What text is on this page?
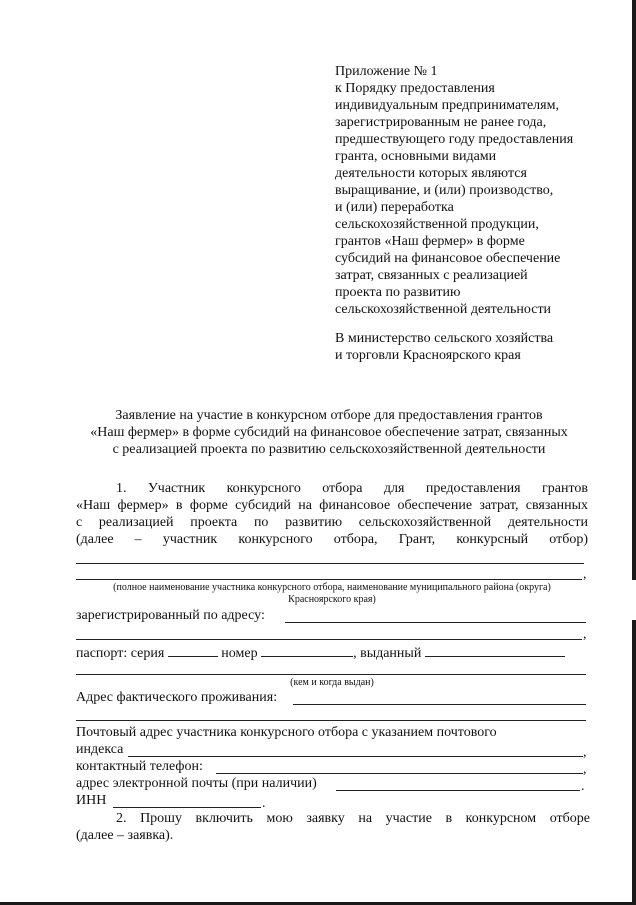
Приложение № 1
к Порядку предоставления
индивидуальным предпринимателям,
зарегистрированным не ранее года,
предшествующего году предоставления
гранта, основными видами
деятельности которых являются
выращивание, и (или) производство,
и (или) переработка
сельскохозяйственной продукции,
грантов «Наш фермер» в форме
субсидий на финансовое обеспечение
затрат, связанных с реализацией
проекта по развитию
сельскохозяйственной деятельности
В министерство сельского хозяйства
и торговли Красноярского края
Заявление на участие в конкурсном отборе для предоставления грантов
«Наш фермер» в форме субсидий на финансовое обеспечение затрат, связанных
с реализацией проекта по развитию сельскохозяйственной деятельности
1. Участник конкурсного отбора для предоставления грантов
«Наш фермер» в форме субсидий на финансовое обеспечение затрат, связанных
с реализацией проекта по развитию сельскохозяйственной деятельности
(далее – участник конкурсного отбора, Грант, конкурсный отбор)
,
(полное наименование участника конкурсного отбора, наименование муниципального района (округа)
Красноярского края)
зарегистрированный по адресу:
,
паспорт: серия	номер	, выданный
(кем и когда выдан)
Адрес фактического проживания:
Почтовый адрес участника конкурсного отбора с указанием почтового
индекса	,
контактный телефон:	,
адрес электронной почты (при наличии)	.
ИНН	.
2. Прошу включить мою заявку на участие в конкурсном отборе
(далее – заявка).
